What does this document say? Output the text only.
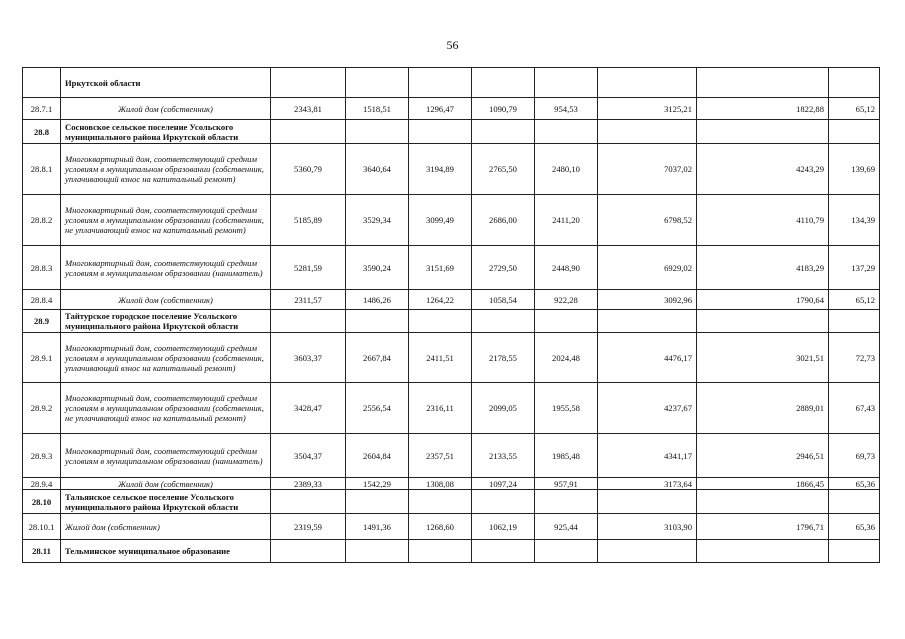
56
	Иркутской области								
28.7.1	Жилой дом (собственник)	2343,81	1518,51	1296,47	1090,79	954,53	3125,21	1822,88	65,12
28.8	Сосновское сельское поселение Усольского муниципального района Иркутской области								
28.8.1	Многоквартирный дом, соответствующий средним условиям в муниципальном образовании (собственник, уплачивающий взнос на капитальный ремонт)	5360,79	3640,64	3194,89	2765,50	2480,10	7037,02	4243,29	139,69
28.8.2	Многоквартирный дом, соответствующий средним условиям в муниципальном образовании (собственник, не уплачивающий взнос на капитальный ремонт)	5185,89	3529,34	3099,49	2686,00	2411,20	6798,52	4110,79	134,39
28.8.3	Многоквартирный дом, соответствующий средним условиям в муниципальном образовании (наниматель)	5281,59	3590,24	3151,69	2729,50	2448,90	6929,02	4183,29	137,29
28.8.4	Жилой дом (собственник)	2311,57	1486,26	1264,22	1058,54	922,28	3092,96	1790,64	65,12
28.9	Тайтурское городское поселение Усольского муниципального района Иркутской области								
28.9.1	Многоквартирный дом, соответствующий средним условиям в муниципальном образовании (собственник, уплачивающий взнос на капитальный ремонт)	3603,37	2667,84	2411,51	2178,55	2024,48	4476,17	3021,51	72,73
28.9.2	Многоквартирный дом, соответствующий средним условиям в муниципальном образовании (собственник, не уплачивающий взнос на капитальный ремонт)	3428,47	2556,54	2316,11	2099,05	1955,58	4237,67	2889,01	67,43
28.9.3	Многоквартирный дом, соответствующий средним условиям в муниципальном образовании (наниматель)	3504,37	2604,84	2357,51	2133,55	1985,48	4341,17	2946,51	69,73
28.9.4	Жилой дом (собственник)	2389,33	1542,29	1308,08	1097,24	957,91	3173,64	1866,45	65,36
28.10	Тальянское сельское поселение Усольского муниципального района Иркутской области								
28.10.1	Жилой дом (собственник)	2319,59	1491,36	1268,60	1062,19	925,44	3103,90	1796,71	65,36
28.11	Тельминское муниципальное образование								
